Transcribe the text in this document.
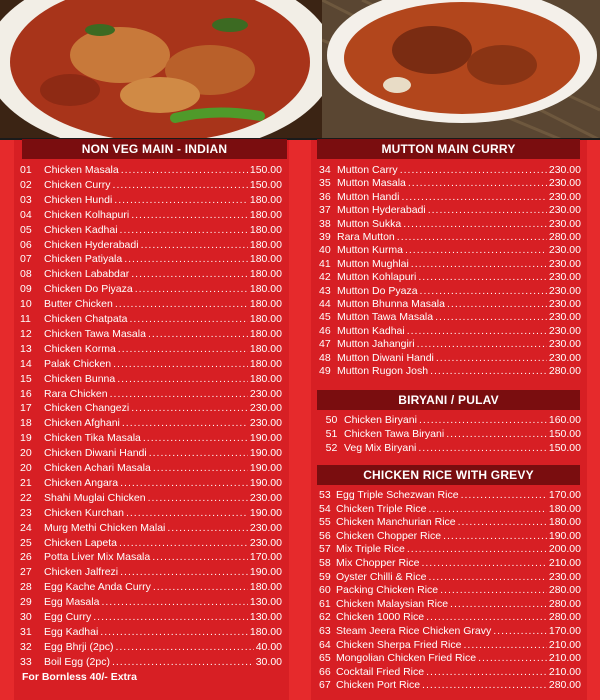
NON VEG MAIN - INDIAN	MUTTON MAIN CURRY
BIRYANI / PULAV
CHICKEN RICE WITH GREVY
01	Chicken Masala .....	150.00
02	Chicken Curry .....	150.00
03	Chicken Hundi .....	180.00
04	Chicken Kolhapuri .....	180.00
05	Chicken Kadhai .....	180.00
06	Chicken Hyderabadi .....	180.00
07	Chicken Patiyala .....	180.00
08	Chicken Lababdar .....	180.00
09	Chicken Do Piyaza .....	180.00
10	Butter Chicken .....	180.00
11	Chicken Chatpata .....	180.00
12	Chicken Tawa Masala .....	180.00
13	Chicken Korma .....	180.00
14	Palak Chicken .....	180.00
15	Chicken Bunna .....	180.00
16	Rara Chicken .....	230.00
17	Chicken Changezi .....	230.00
18	Chicken Afghani .....	230.00
19	Chicken Tika Masala .....	190.00
20	Chicken Diwani Handi .....	190.00
20	Chicken Achari Masala .....	190.00
21	Chicken Angara .....	190.00
22	Shahi Muglai Chicken .....	230.00
23	Chicken Kurchan .....	190.00
24	Murg Methi Chicken Malai .....	230.00
25	Chicken Lapeta .....	230.00
26	Potta Liver Mix Masala .....	170.00
27	Chicken Jalfrezi .....	190.00
28	Egg Kache Anda Curry .....	180.00
29	Egg Masala .....	130.00
30	Egg Curry .....	130.00
31	Egg Kadhai .....	180.00
32	Egg Bhrji (2pc) .....	40.00
33	Boil Egg (2pc) .....	30.00
34 Mutton Carry .....	230.00
35 Mutton Masala .....	230.00
36 Mutton Handi .....	230.00
37 Mutton Hyderabadi .....	230.00
38 Mutton Sukka .....	230.00
39 Rara Mutton .....	280.00
40 Mutton Kurma .....	230.00
41 Mutton Mughlai .....	230.00
42 Mutton Kohlapuri .....	230.00
43 Mutton Do Pyaza .....	230.00
44 Mutton Bhunna Masala .....	230.00
45 Mutton Tawa Masala .....	230.00
46 Mutton Kadhai .....	230.00
47 Mutton Jahangiri .....	230.00
48 Mutton Diwani Handi .....	230.00
49 Mutton Rugon Josh .....	280.00
50 Chicken Biryani .....	160.00
51 Chicken Tawa Biryani .....	150.00
52 Veg Mix Biryani .....	150.00
53 Egg Triple Schezwan Rice .....	170.00
54 Chicken Triple Rice .....	180.00
55 Chicken Manchurian Rice .....	180.00
56 Chicken Chopper Rice .....	190.00
57 Mix Triple Rice .....	200.00
58 Mix Chopper Rice .....	210.00
59 Oyster Chilli & Rice .....	230.00
60 Packing Chicken Rice .....	280.00
61 Chicken Malaysian Rice .....	280.00
62 Chicken 1000 Rice .....	280.00
63 Steam Jeera Rice Chicken Gravy .....	170.00
64 Chicken Sherpa Fried Rice .....	210.00
65 Mongolian Chicken Fried Rice .....	210.00
66 Cocktail Fried Rice .....	210.00
67 Chicken Port Rice .....	280.00
For Bornless 40/- Extra
